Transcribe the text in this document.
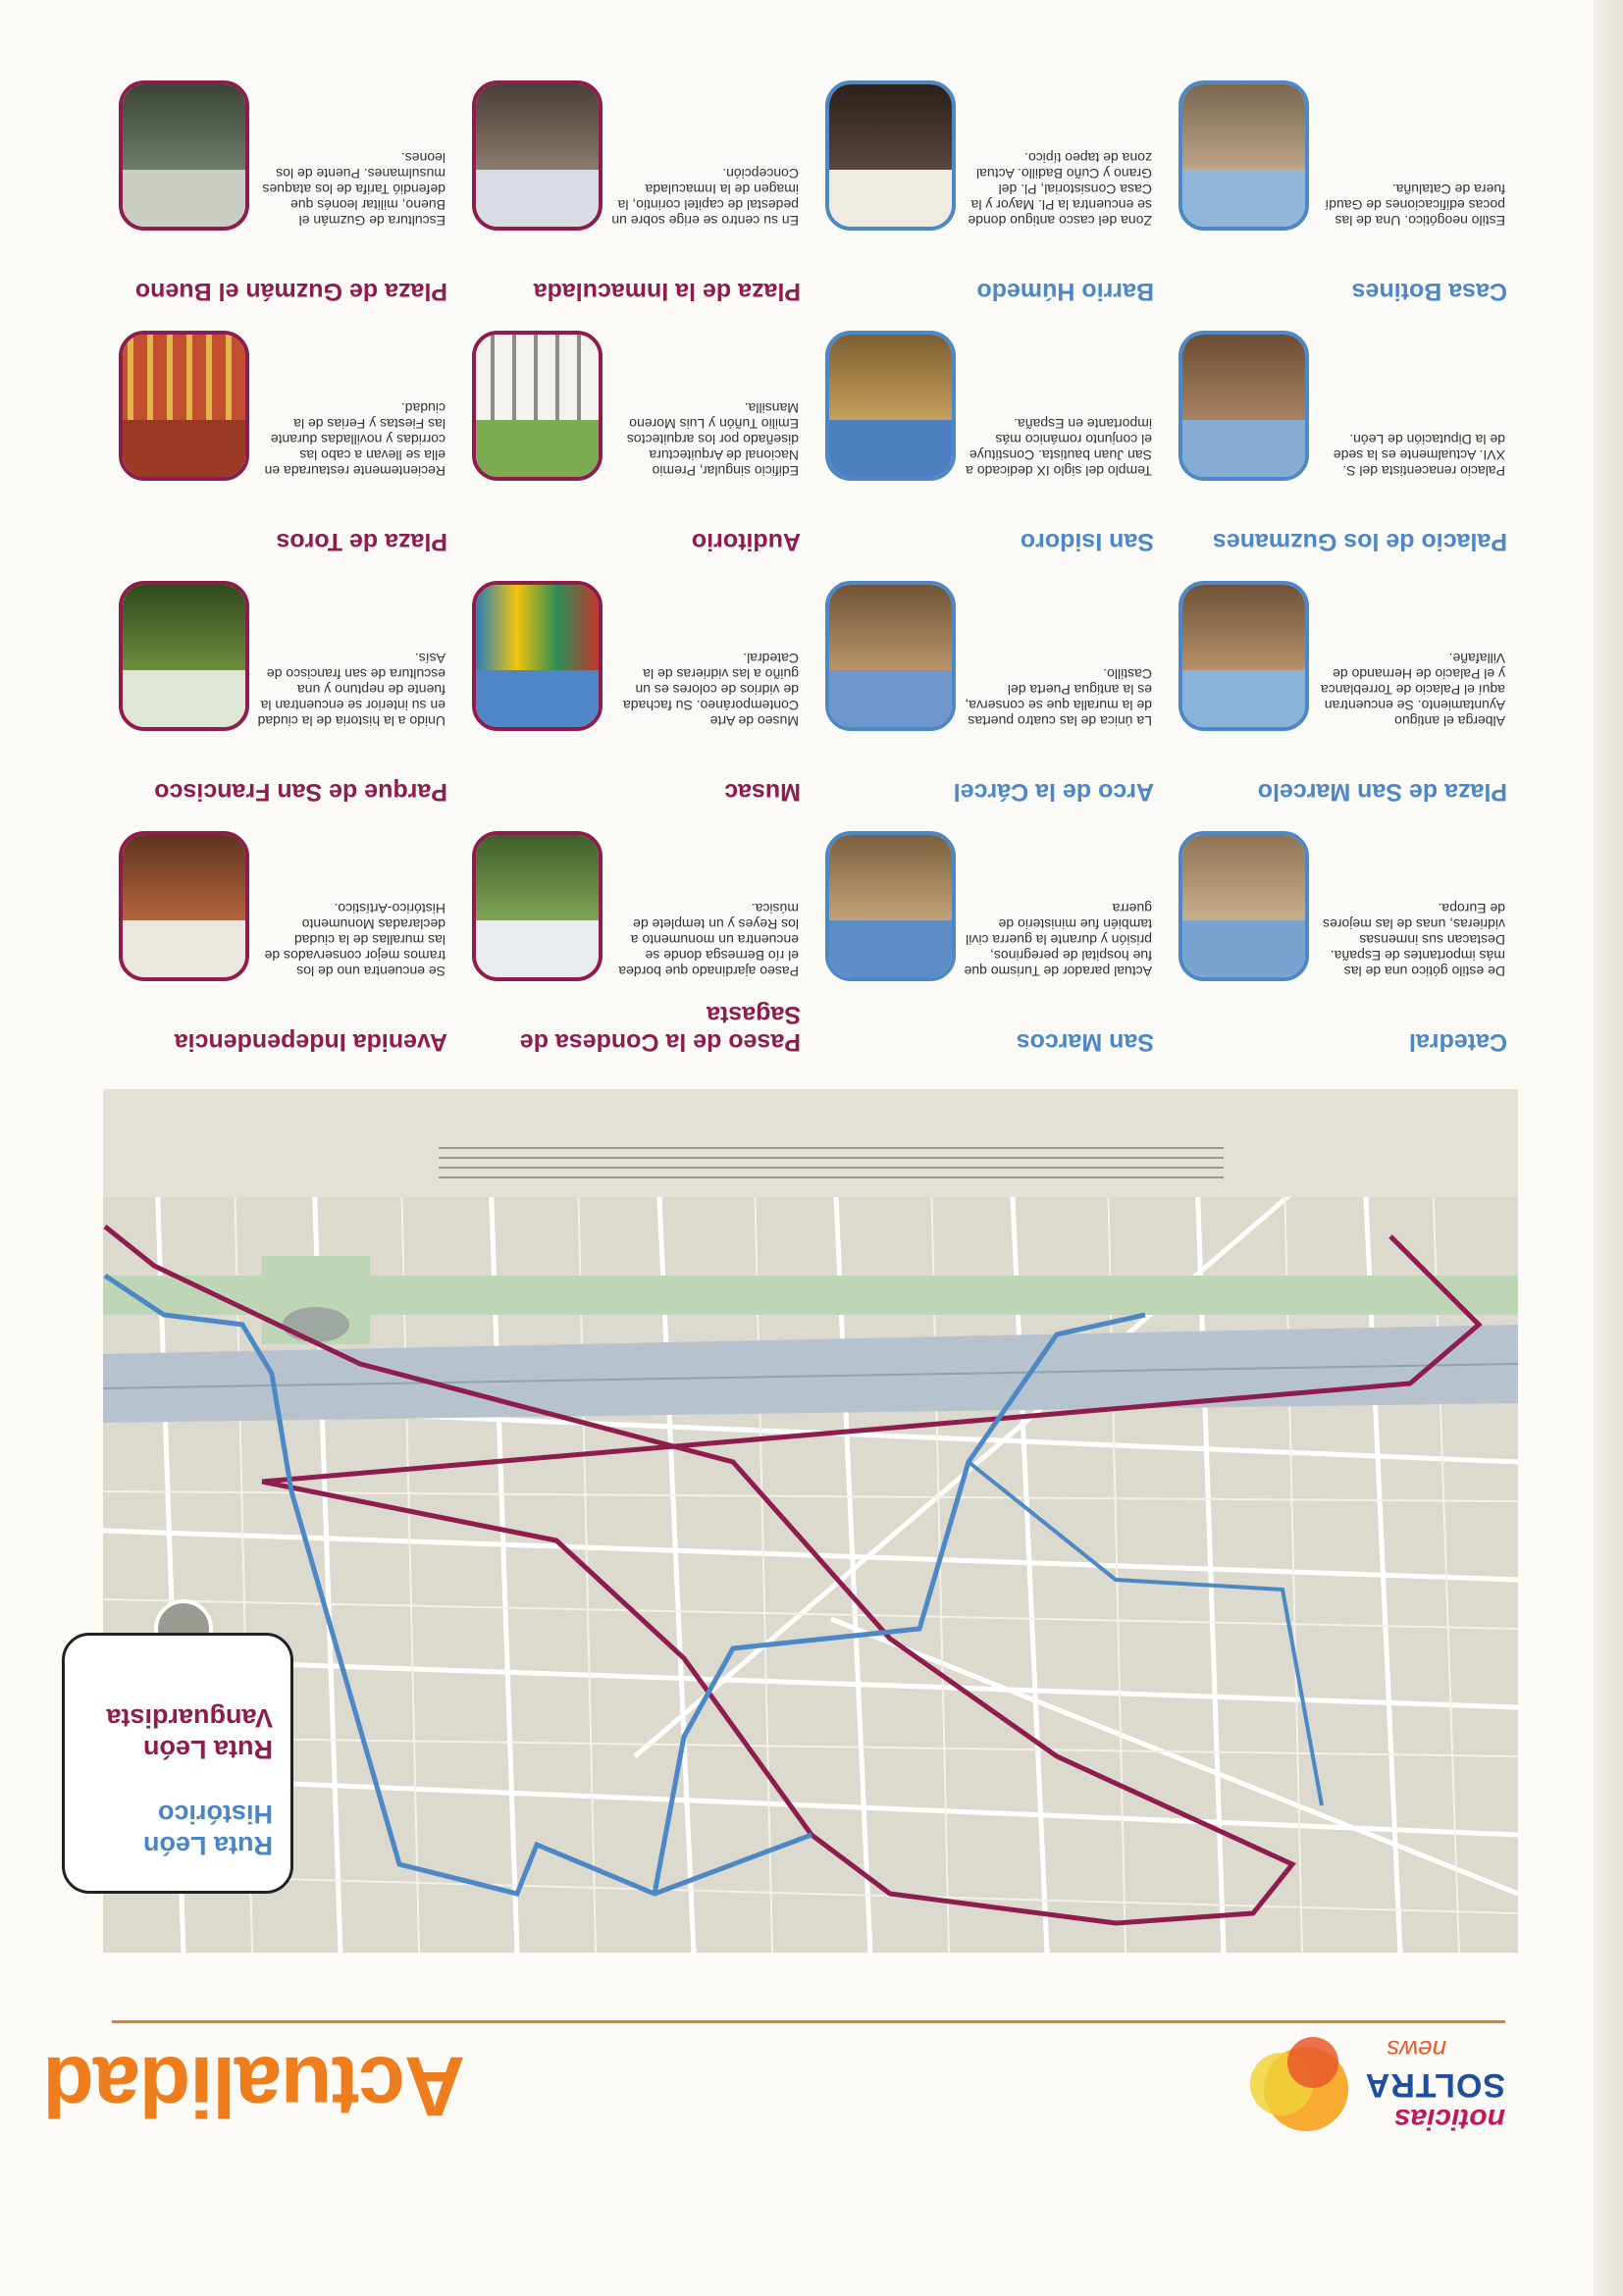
noticias
SOLTRA
news
Actualidad
Ruta León Histórico
Ruta León Vanguardista
Catedral
De estilo gótico una de las más importantes de España. Destacan sus inmensas vidrieras, unas de las mejores de Europa.
Plaza de San Marcelo
Alberga el antiguo Ayuntamiento. Se encuentran aquí el Palacio de Torreblanca y el Palacio de Hernando de Villafañe.
Palacio de los Guzmanes
Palacio renacentista del S. XVI. Actualmente es la sede de la Diputación de León.
Casa Botines
Estilo neogótico. Una de las pocas edificaciones de Gaudí fuera de Cataluña.
San Marcos
Actual parador de Turismo que fue hospital de peregrinos, prisión y durante la guerra civil también fue ministerio de guerra
Arco de la Cárcel
La única de las cuatro puertas de la muralla que se conserva, es la antigua Puerta del Castillo.
San Isidoro
Templo del siglo IX dedicado a San Juan bautista. Constituye el conjunto románico más importante en España.
Barrio Húmedo
Zona del casco antiguo donde se encuentra la Pl. Mayor y la Casa Consistorial, Pl. del Grano y Cuño Badillo. Actual zona de tapeo típico.
Paseo de la Condesa de Sagasta
Paseo ajardinado que bordea el río Bernesga donde se encuentra un monumento a los Reyes y un templete de música.
Musac
Museo de Arte Contemporáneo. Su fachada de vidrios de colores es un guiño a las vidrieras de la Catedral.
Auditorio
Edificio singular, Premio Nacional de Arquitectura diseñado por los arquitectos Emilio Tuñón y Luis Moreno Mansilla.
Plaza de la Inmaculada
En su centro se erige sobre un pedestal de capitel corintio, la imagen de la Inmaculada Concepción.
Avenida Independencia
Se encuentra uno de los tramos mejor conservados de las murallas de la ciudad declaradas Monumento Histórico-Artístico.
Parque de San Francisco
Unido a la historia de la ciudad en su interior se encuentran la fuente de neptuno y una escultura de san francisco de Asís.
Plaza de Toros
Recientemente restaurada en ella se llevan a cabo las corridas y novilladas durante las Fiestas y Ferias de la ciudad.
Plaza de Guzmán el Bueno
Escultura de Guzmán el Bueno, militar leonés que defendió Tarifa de los ataques musulmanes. Puente de los leones.
